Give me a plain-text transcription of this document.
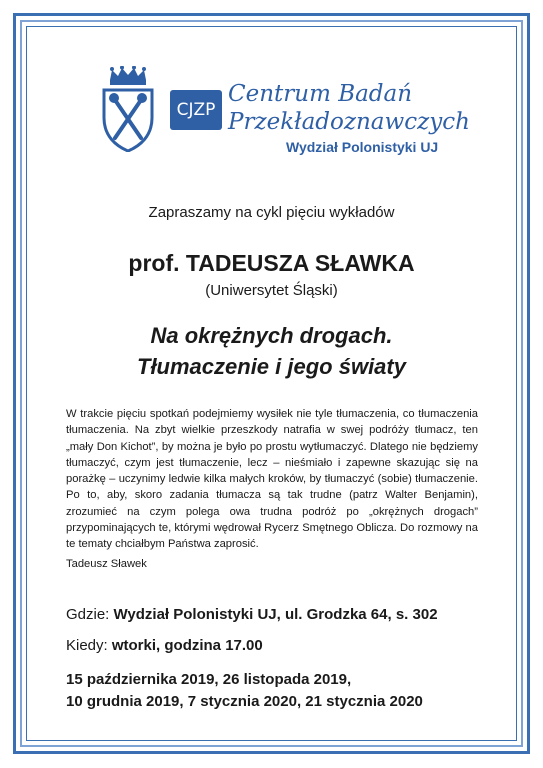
CJZP
Centrum Badań
Przekładoznawczych
Wydział Polonistyki UJ
Zapraszamy na cykl pięciu wykładów
prof. TADEUSZA SŁAWKA
(Uniwersytet Śląski)
Na okrężnych drogach.
Tłumaczenie i jego światy
W trakcie pięciu spotkań podejmiemy wysiłek nie tyle tłumaczenia, co tłumaczenia tłumaczenia. Na zbyt wielkie przeszkody natrafia w swej podróży tłumacz, ten „mały Don Kichot”, by można je było po prostu wytłumaczyć. Dlatego nie będziemy tłumaczyć, czym jest tłumaczenie, lecz – nieśmiało i zapewne skazując się na porażkę – uczynimy ledwie kilka małych kroków, by tłumaczyć (sobie) tłumaczenie. Po to, aby, skoro zadania tłumacza są tak trudne (patrz Walter Benjamin), zrozumieć na czym polega owa trudna podróż po „okrężnych drogach” przypominających te, którymi wędrował Rycerz Smętnego Oblicza. Do rozmowy na te tematy chciałbym Państwa zaprosić.
Tadeusz Sławek
Gdzie: Wydział Polonistyki UJ, ul. Grodzka 64, s. 302
Kiedy: wtorki, godzina 17.00
15 października 2019, 26 listopada 2019,
10 grudnia 2019, 7 stycznia 2020, 21 stycznia 2020
